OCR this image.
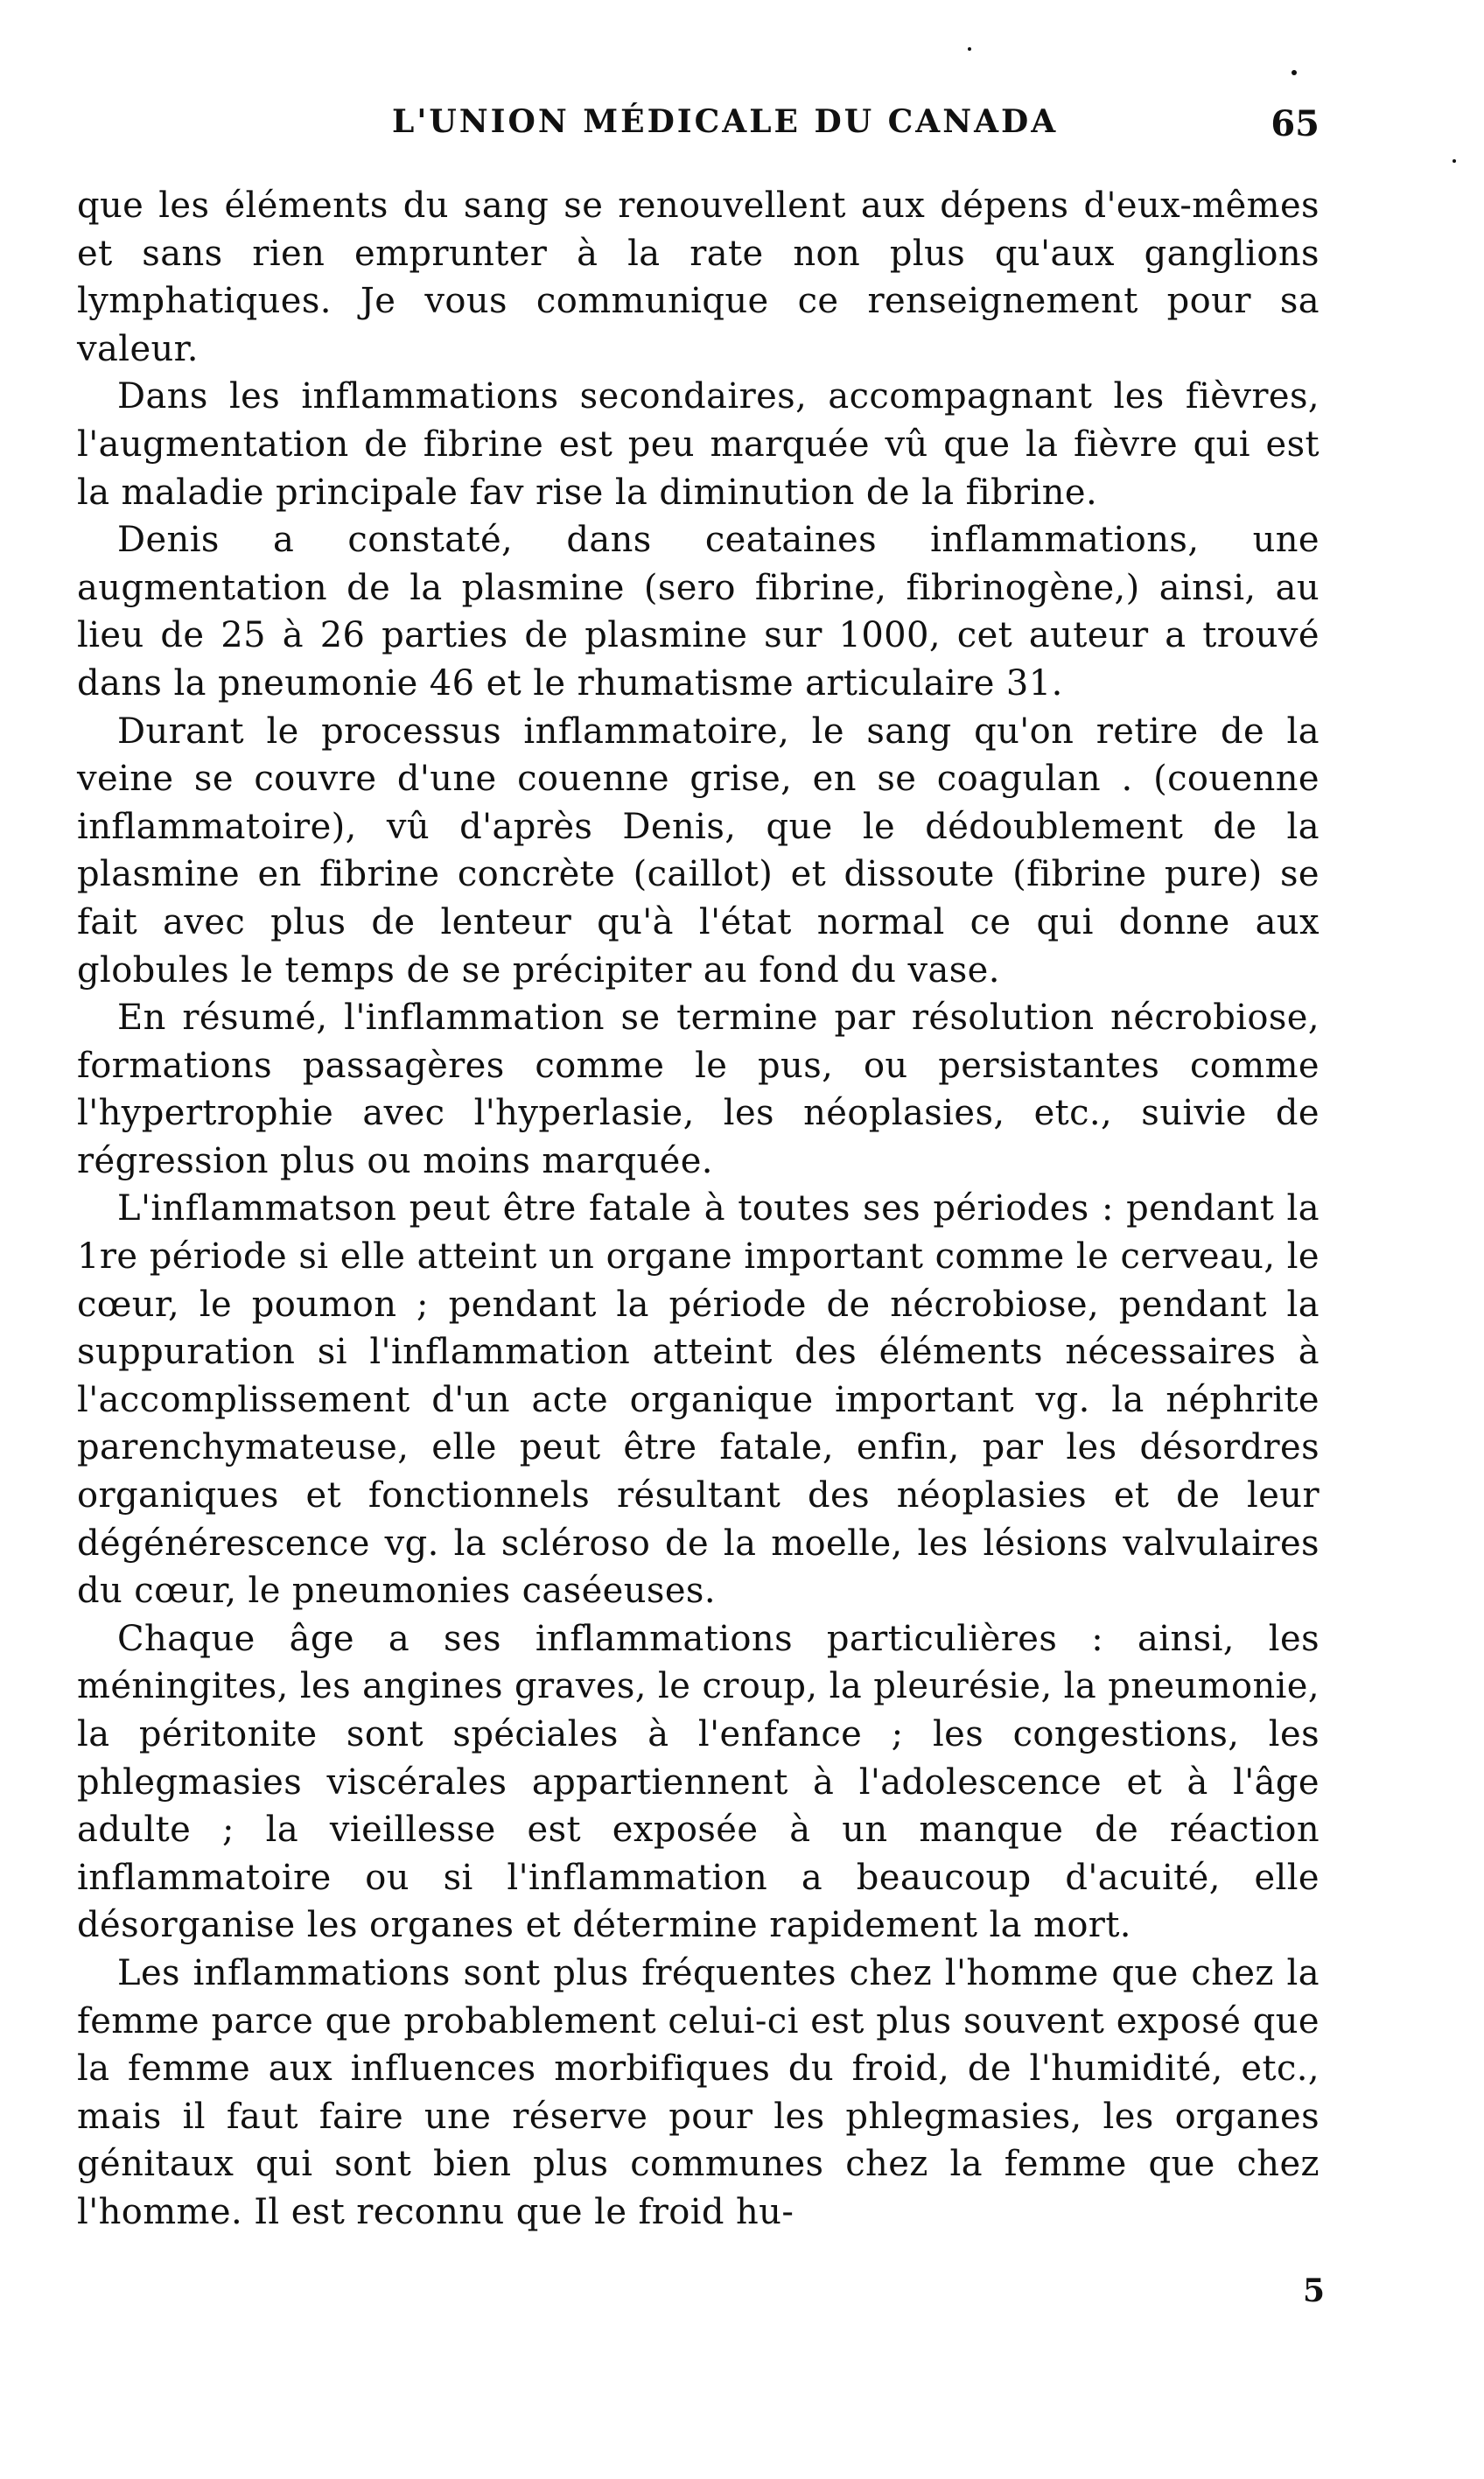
L'UNION MÉDICALE DU CANADA	65

que les éléments du sang se renouvellent aux dépens d'eux-mêmes et sans rien emprunter à la rate non plus qu'aux ganglions lymphatiques. Je vous communique ce renseignement pour sa valeur.

Dans les inflammations secondaires, accompagnant les fièvres, l'augmentation de fibrine est peu marquée vû que la fièvre qui est la maladie principale fav rise la diminution de la fibrine.

Denis a constaté, dans ceataines inflammations, une augmentation de la plasmine (sero fibrine, fibrinogène,) ainsi, au lieu de 25 à 26 parties de plasmine sur 1000, cet auteur a trouvé dans la pneumonie 46 et le rhumatisme articulaire 31.

Durant le processus inflammatoire, le sang qu'on retire de la veine se couvre d'une couenne grise, en se coagulan . (couenne inflammatoire), vû d'après Denis, que le dédoublement de la plasmine en fibrine concrète (caillot) et dissoute (fibrine pure) se fait avec plus de lenteur qu'à l'état normal ce qui donne aux globules le temps de se précipiter au fond du vase.

En résumé, l'inflammation se termine par résolution nécrobiose, formations passagères comme le pus, ou persistantes comme l'hypertrophie avec l'hyperlasie, les néoplasies, etc., suivie de régression plus ou moins marquée.

L'inflammatson peut être fatale à toutes ses périodes : pendant la 1re période si elle atteint un organe important comme le cerveau, le cœur, le poumon ; pendant la période de nécrobiose, pendant la suppuration si l'inflammation atteint des éléments nécessaires à l'accomplissement d'un acte organique important vg. la néphrite parenchymateuse, elle peut être fatale, enfin, par les désordres organiques et fonctionnels résultant des néoplasies et de leur dégénérescence vg. la scléroso de la moelle, les lésions valvulaires du cœur, le pneumonies caséeuses.

Chaque âge a ses inflammations particulières : ainsi, les méningites, les angines graves, le croup, la pleurésie, la pneumonie, la péritonite sont spéciales à l'enfance ; les congestions, les phlegmasies viscérales appartiennent à l'adolescence et à l'âge adulte ; la vieillesse est exposée à un manque de réaction inflammatoire ou si l'inflammation a beaucoup d'acuité, elle désorganise les organes et détermine rapidement la mort.

Les inflammations sont plus fréquentes chez l'homme que chez la femme parce que probablement celui-ci est plus souvent exposé que la femme aux influences morbifiques du froid, de l'humidité, etc., mais il faut faire une réserve pour les phlegmasies, les organes génitaux qui sont bien plus communes chez la femme que chez l'homme. Il est reconnu que le froid hu-

5
